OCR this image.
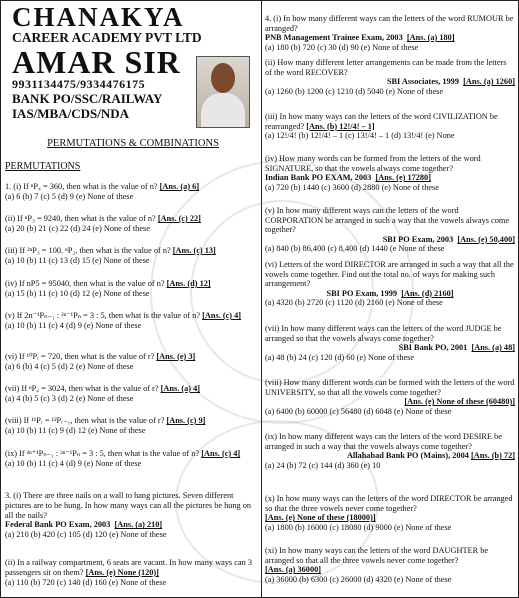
CHANAKYA
CAREER ACADEMY PVT LTD
AMAR SIR
9931134475/9334476175
BANK PO/SSC/RAILWAY
IAS/MBA/CDS/NDA
PERMUTATIONS & COMBINATIONS
PERMUTATIONS
1. (i) If ⁿP₄ = 360, then what is the value of n? [Ans. (a) 6]
(a) 6 (b) 7 (c) 5 (d) 9 (e) None of these
(ii) If ⁿP₃ = 9240, then what is the value of n? [Ans. (c) 22]
(a) 20 (b) 21 (c) 22 (d) 24 (e) None of these
(iii) If ²ⁿP₃ = 100. ⁿP₂, then what is the value of n? [Ans. (c) 13]
(a) 10 (b) 11 (c) 13 (d) 15 (e) None of these
(iv) If nP5 = 95040, then what is the value of n? [Ans. (d) 12]
(a) 15 (b) 11 (c) 10 (d) 12 (e) None of these
(v) If 2n⁻¹Pₙ₋₁ : ²ⁿ⁻¹Pₙ = 3 : 5, then what is the value of n? [Ans. (c) 4]
(a) 10 (b) 11 (c) 4 (d) 9 (e) None of these
(vi) If ¹⁰Pᵣ = 720, then what is the value of r? [Ans. (e) 3]
(a) 6 (b) 4 (c) 5 (d) 2 (e) None of these
(vii) If ⁿP₄ = 3024, then what is the value of r? [Ans. (a) 4]
(a) 4 (b) 5 (c) 3 (d) 2 (e) None of these
(viii) If ¹¹Pᵣ = ¹²Pᵣ₋₁, then what is the value of r? [Ans. (c) 9]
(a) 10 (b) 11 (c) 9 (d) 12 (e) None of these
(ix) If ²ⁿ⁺¹Pₙ₋₁ : ²ⁿ⁻¹Pₙ = 3 : 5, then what is the value of n? [Ans. (c) 4]
(a) 10 (b) 11 (c) 4 (d) 9 (e) None of these
3. (i) There are three nails on a wall to hang pictures. Seven different pictures are to be hung. In how many ways can all the pictures be hung on all the nails?
Federal Bank PO Exam, 2003 [Ans. (a) 210]
(a) 210 (b) 420 (c) 105 (d) 120 (e) None of these
(ii) In a railway compartment, 6 seats are vacant. In how many ways can 3 passengers sit on them? [Ans. (e) None (120)]
(a) 110 (b) 720 (c) 140 (d) 160 (e) None of these
4. (i) In how many different ways can the letters of the word RUMOUR be arranged?
PNB Management Trainee Exam, 2003 [Ans. (a) 180]
(a) 180 (b) 720 (c) 30 (d) 90 (e) None of these
(ii) How many different letter arrangements can be made from the letters of the word RECOVER?
SBI Associates, 1999 [Ans. (a) 1260]
(a) 1260 (b) 1200 (c) 1210 (d) 5040 (e) None of these
(iii) In how many ways can the letters of the word CIVILIZATION be rearranged? [Ans. (b) 12!/4! – 1]
(a) 12!/4! (b) 12!/4! – 1 (c) 13!/4! – 1 (d) 13!/4! (e) None
(iv) How many words can be formed from the letters of the word SIGNATURE, so that the vowels always come together?
Indian Bank PO EXAM, 2003 [Ans. (e) 17280]
(a) 720 (b) 1440 (c) 3600 (d) 2880 (e) None of these
(v) In how many different ways can the letters of the word CORPORATION be arranged in such a way that the vowels always come together?
SBI PO Exam, 2003 [Ans. (e) 50,400]
(a) 840 (b) 86,400 (c) 8,400 (d) 1440 (e None of these
(vi) Letters of the word DIRECTOR are arranged in such a way that all the vowels come together. Find out the total no. of ways for making such arrangement?
SBI PO Exam, 1999 [Ans. (d) 2160]
(a) 4320 (b) 2720 (c) 1120 (d) 2160 (e) None of these
(vii) In how many different ways can the letters of the word JUDGE be arranged so that the vowels always come together?
SBI Bank PO, 2001 [Ans. (a) 48]
(a) 48 (b) 24 (c) 120 (d) 60 (e) None of these
(viii) How many different words can be formed with the letters of the word UNIVERSITY, so that all the vowels come together?
[Ans. (e) None of these (60480)]
(a) 6400 (b) 60000 (c) 56480 (d) 6048 (e) None of these
(ix) In how many different ways can the letters of the word DESIRE be arranged in such a way that the vowels always come together?
Allahabad Bank PO (Mains), 2004 [Ans. (b) 72]
(a) 24 (b) 72 (c) 144 (d) 360 (e) 10
(x) In how many ways can the letters of the word DIRECTOR be arranged so that the three vowels never come together?
[Ans. (e) None of these (18000)]
(a) 1800 (b) 16000 (c) 18080 (d) 9000 (e) None of these
(xi) In how many ways can the letters of the word DAUGHTER be arranged so that all the three vowels never come together?
[Ans. (a) 36000]
(a) 36000 (b) 6300 (c) 26000 (d) 4320 (e) None of these
